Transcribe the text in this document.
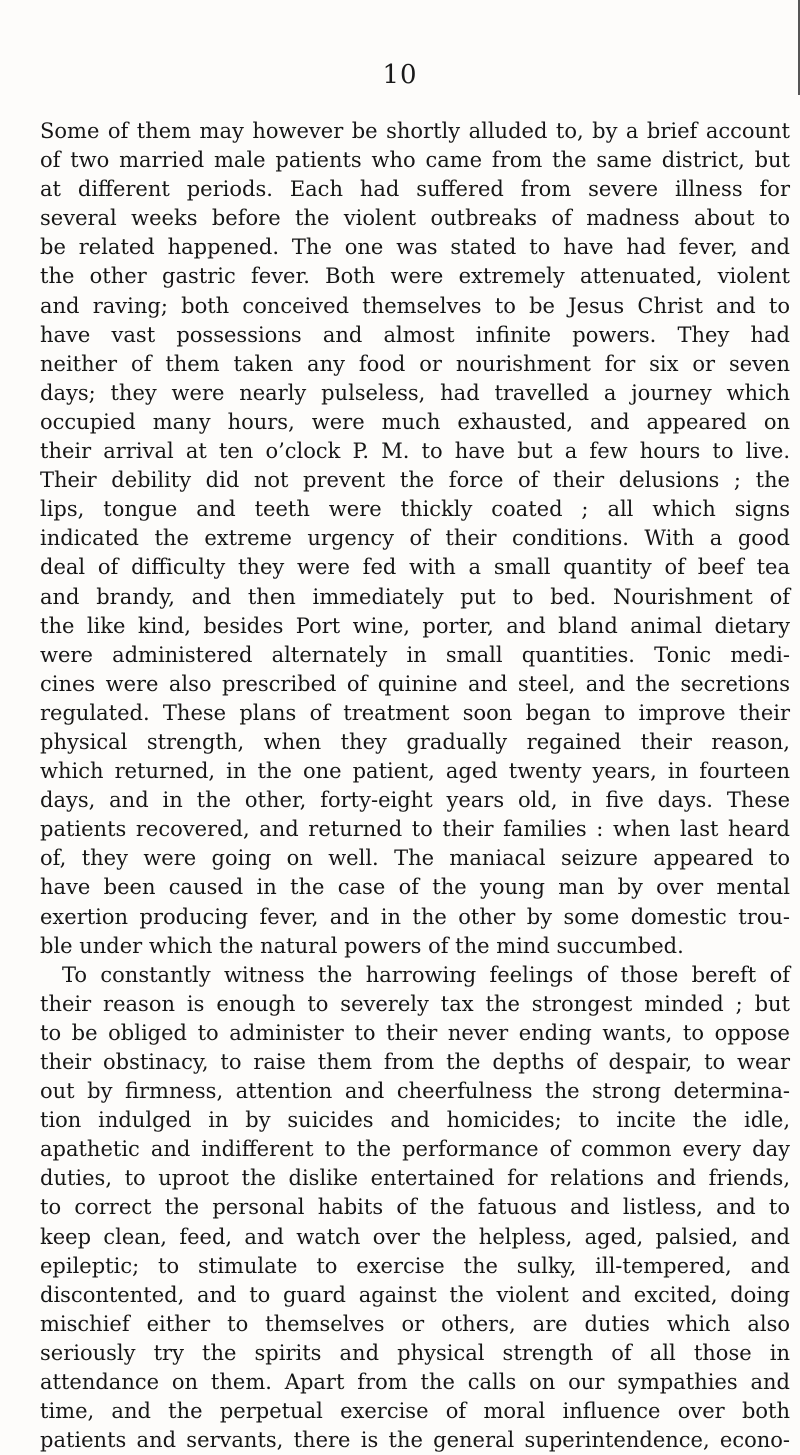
10
Some of them may however be shortly alluded to, by a brief account
of two married male patients who came from the same district, but
at different periods. Each had suffered from severe illness for
several weeks before the violent outbreaks of madness about to
be related happened. The one was stated to have had fever, and
the other gastric fever. Both were extremely attenuated, violent
and raving; both conceived themselves to be Jesus Christ and to
have vast possessions and almost infinite powers. They had
neither of them taken any food or nourishment for six or seven
days; they were nearly pulseless, had travelled a journey which
occupied many hours, were much exhausted, and appeared on
their arrival at ten o’clock P. M. to have but a few hours to live.
Their debility did not prevent the force of their delusions ; the
lips, tongue and teeth were thickly coated ; all which signs
indicated the extreme urgency of their conditions. With a good
deal of difficulty they were fed with a small quantity of beef tea
and brandy, and then immediately put to bed. Nourishment of
the like kind, besides Port wine, porter, and bland animal dietary
were administered alternately in small quantities. Tonic medi-
cines were also prescribed of quinine and steel, and the secretions
regulated. These plans of treatment soon began to improve their
physical strength, when they gradually regained their reason,
which returned, in the one patient, aged twenty years, in fourteen
days, and in the other, forty-eight years old, in five days. These
patients recovered, and returned to their families : when last heard
of, they were going on well. The maniacal seizure appeared to
have been caused in the case of the young man by over mental
exertion producing fever, and in the other by some domestic trou-
ble under which the natural powers of the mind succumbed.
To constantly witness the harrowing feelings of those bereft of
their reason is enough to severely tax the strongest minded ; but
to be obliged to administer to their never ending wants, to oppose
their obstinacy, to raise them from the depths of despair, to wear
out by firmness, attention and cheerfulness the strong determina-
tion indulged in by suicides and homicides; to incite the idle,
apathetic and indifferent to the performance of common every day
duties, to uproot the dislike entertained for relations and friends,
to correct the personal habits of the fatuous and listless, and to
keep clean, feed, and watch over the helpless, aged, palsied, and
epileptic; to stimulate to exercise the sulky, ill-tempered, and
discontented, and to guard against the violent and excited, doing
mischief either to themselves or others, are duties which also
seriously try the spirits and physical strength of all those in
attendance on them. Apart from the calls on our sympathies and
time, and the perpetual exercise of moral influence over both
patients and servants, there is the general superintendence, econo-
